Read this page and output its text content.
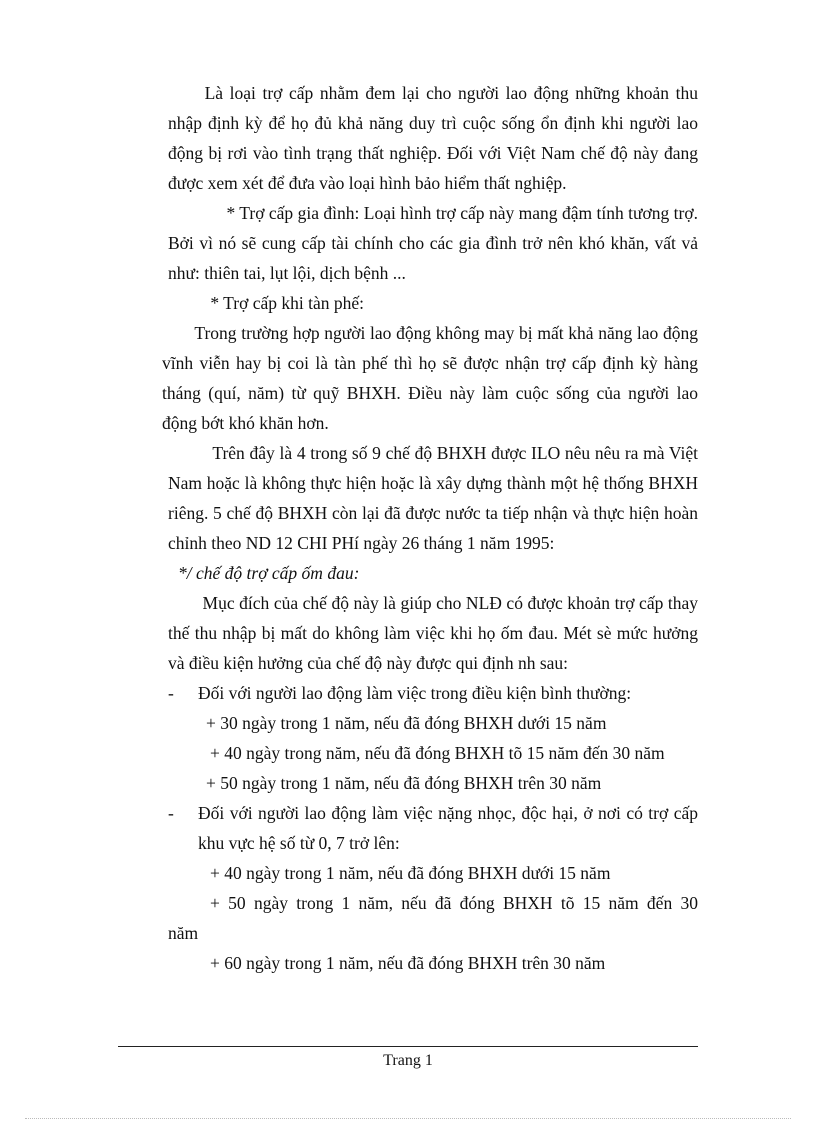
Là loại trợ cấp nhằm đem lại cho người lao động những khoản thu nhập định kỳ để họ đủ khả năng duy trì cuộc sống ổn định khi người lao động bị rơi vào tình trạng thất nghiệp. Đối với Việt Nam chế độ này đang được xem xét để đưa vào loại hình bảo hiểm thất nghiệp.

* Trợ cấp gia đình: Loại hình trợ cấp này mang đậm tính tương trợ. Bởi vì nó sẽ cung cấp tài chính cho các gia đình trở nên khó khăn, vất vả như: thiên tai, lụt lội, dịch bệnh ...

* Trợ cấp khi tàn phế:

Trong trường hợp người lao động không may bị mất khả năng lao động vĩnh viễn hay bị coi là tàn phế thì họ sẽ được nhận trợ cấp định kỳ hàng tháng (quí, năm) từ quỹ BHXH. Điều này làm cuộc sống của người lao động bớt khó khăn hơn.

Trên đây là 4 trong số 9 chế độ BHXH được ILO nêu nêu ra mà Việt Nam hoặc là không thực hiện hoặc là xây dựng thành một hệ thống BHXH riêng. 5 chế độ BHXH còn lại đã được nước ta tiếp nhận và thực hiện hoàn chỉnh theo ND 12 CHI PHí ngày 26 tháng 1 năm 1995:

*/ chế độ trợ cấp ốm đau:

Mục đích của chế độ này là giúp cho NLĐ có được khoản trợ cấp thay thế thu nhập bị mất do không làm việc khi họ ốm đau. Mét sè mức hưởng và điều kiện hưởng của chế độ này được qui định nh sau:

- Đối với người lao động làm việc trong điều kiện bình thường:

+ 30 ngày trong 1 năm, nếu đã đóng BHXH dưới 15 năm

+ 40 ngày trong năm, nếu đã đóng BHXH tõ 15 năm đến 30 năm

+ 50 ngày trong 1 năm, nếu đã đóng BHXH trên 30 năm

- Đối với người lao động làm việc nặng nhọc, độc hại, ở nơi có trợ cấp khu vực hệ số từ 0, 7 trở lên:

+ 40 ngày trong 1 năm, nếu đã đóng BHXH dưới 15 năm

+ 50 ngày trong 1 năm, nếu đã đóng BHXH tõ 15 năm đến 30

năm

+ 60 ngày trong 1 năm, nếu đã đóng BHXH trên 30 năm

Trang 1
